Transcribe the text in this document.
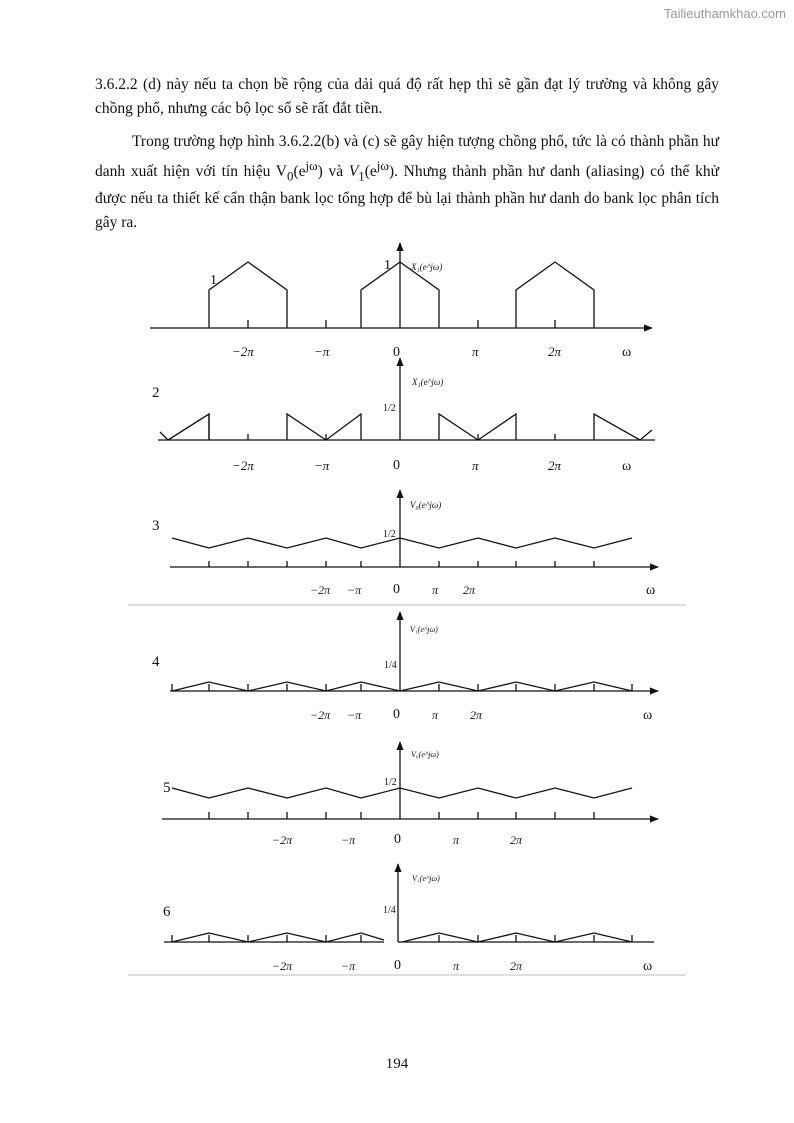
Tailieuthamkhao.com

3.6.2.2 (d) này nếu ta chọn bề rộng của dải quá độ rất hẹp thì sẽ gần đạt lý trường và không gây chồng phổ, nhưng các bộ lọc số sẽ rất đắt tiền.

Trong trường hợp hình 3.6.2.2(b) và (c) sẽ gây hiện tượng chồng phổ, tức là có thành phần hư danh xuất hiện với tín hiệu $V_0(e^{j\omega})$ và $V_1(e^{j\omega})$. Nhưng thành phần hư danh (aliasing) có thể khử được nếu ta thiết kế cẩn thận bank lọc tổng hợp để bù lại thành phần hư danh do bank lọc phân tích gây ra.

1
1 X₁(e^jω)
−2π	−π	0	π	2π	ω
2
1/2
X₁(e^jω)
−2π	−π	0	π	2π	ω
3
1/2
V₀(e^jω)
−2π −π 0	π 2π	ω
4	1/4
V₁(e^jω)
−2π −π 0	π	2π	ω
5	1/2
V₀(e^jω)
−2π	−π	0	π	2π
6	1/4
V₁(e^jω)
−2π	−π	0	π	2π	ω
194
